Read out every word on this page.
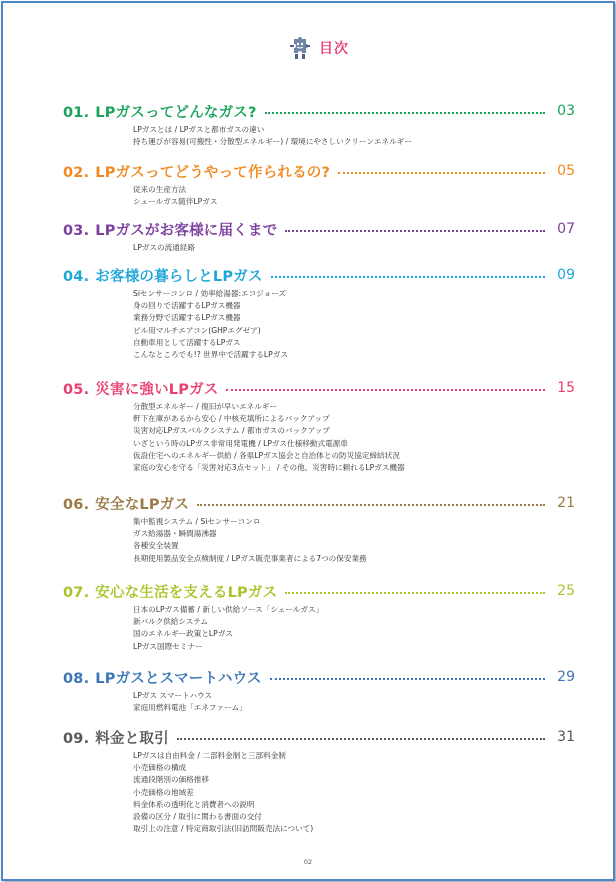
目次
01. LPガスってどんなガス?	03
LPガスとは / LPガスと都市ガスの違い
持ち運びが容易(可搬性・分散型エネルギー) / 環境にやさしいクリーンエネルギー
02. LPガスってどうやって作られるの?	05
従来の生産方法
シェールガス随伴LPガス
03. LPガスがお客様に届くまで	07
LPガスの流通経路
04. お客様の暮らしとLPガス	09
Siセンサーコンロ / 効率給湯器:エコジョーズ
身の回りで活躍するLPガス機器
業務分野で活躍するLPガス機器
ビル用マルチエアコン(GHPエグゼア)
自動車用として活躍するLPガス
こんなところでも!? 世界中で活躍するLPガス
05. 災害に強いLPガス	15
分散型エネルギー / 復旧が早いエネルギー
軒下在庫があるから安心 / 中核充填所によるバックアップ
災害対応LPガスバルクシステム / 都市ガスのバックアップ
いざという時のLPガス非常用発電機 / LPガス仕様移動式電源車
仮設住宅へのエネルギー供給 / 各県LPガス協会と自治体との防災協定締結状況
家庭の安心を守る「災害対応3点セット」 / その他、災害時に頼れるLPガス機器
06. 安全なLPガス	21
集中監視システム / Siセンサーコンロ
ガス給湯器・瞬間湯沸器
各種安全装置
長期使用製品安全点検制度 / LPガス販売事業者による7つの保安業務
07. 安心な生活を支えるLPガス	25
日本のLPガス備蓄 / 新しい供給ソース「シェールガス」
新バルク供給システム
国のエネルギー政策とLPガス
LPガス国際セミナー
08. LPガスとスマートハウス	29
LPガス スマートハウス
家庭用燃料電池「エネファーム」
09. 料金と取引	31
LPガスは自由料金 / 二部料金制と三部料金制
小売価格の構成
流通段階別の価格推移
小売価格の地域差
料金体系の透明化と消費者への説明
設備の区分 / 取引に関わる書面の交付
取引上の注意 / 特定商取引法(旧訪問販売法について)
02
